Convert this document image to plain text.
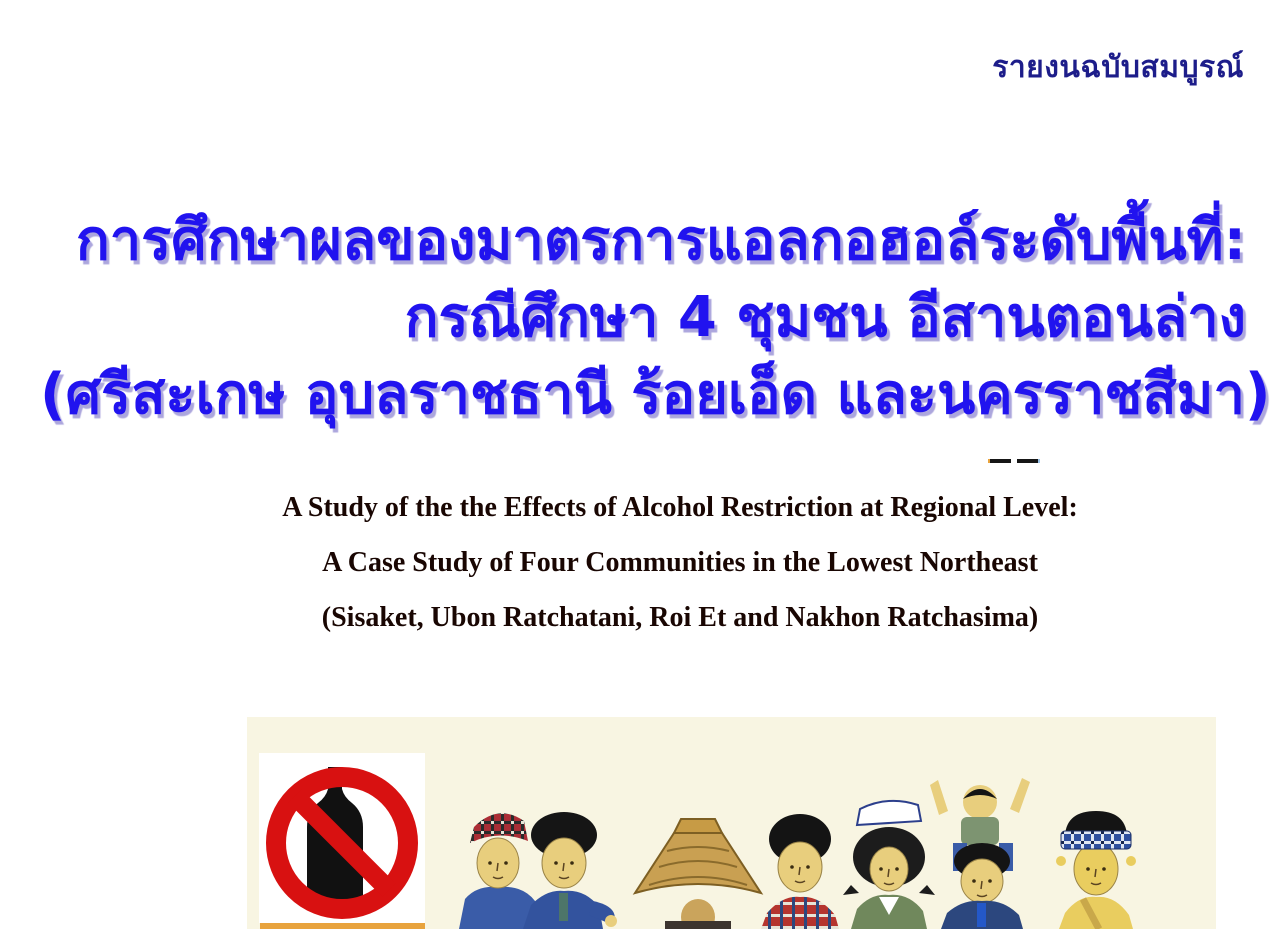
รายงนฉบับสมบูรณ์
การศึกษาผลของมาตรการแอลกอฮอล์ระดับพื้นที่:
กรณีศึกษา 4 ชุมชน อีสานตอนล่าง
(ศรีสะเกษ อุบลราชธานี ร้อยเอ็ด และนครราชสีมา)
A Study of the the Effects of Alcohol Restriction at Regional Level:
A Case Study of Four Communities in the Lowest Northeast
(Sisaket, Ubon Ratchatani, Roi Et and Nakhon Ratchasima)
